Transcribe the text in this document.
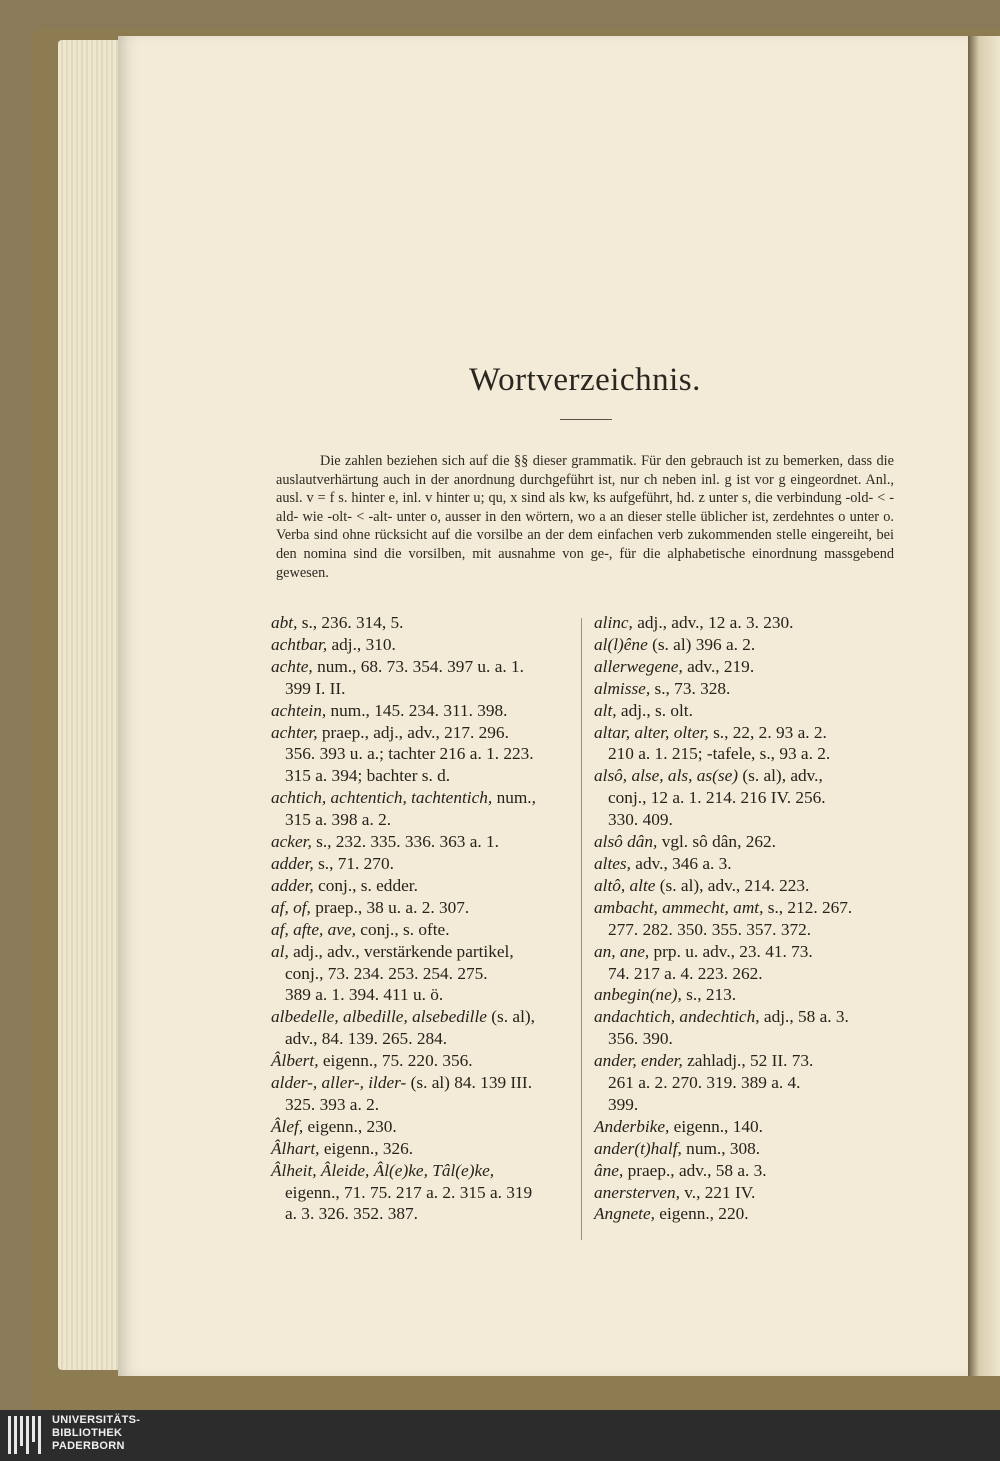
Wortverzeichnis.
Die zahlen beziehen sich auf die §§ dieser grammatik. Für den gebrauch ist zu bemerken, dass die auslautverhärtung auch in der anordnung durchgeführt ist, nur ch neben inl. g ist vor g eingeordnet. Anl., ausl. v = f s. hinter e, inl. v hinter u; qu, x sind als kw, ks aufgeführt, hd. z unter s, die verbindung -old- < -ald- wie -olt- < -alt- unter o, ausser in den wörtern, wo a an dieser stelle üblicher ist, zerdehntes o unter o. Verba sind ohne rücksicht auf die vorsilbe an der dem einfachen verb zukommenden stelle eingereiht, bei den nomina sind die vorsilben, mit ausnahme von ge-, für die alphabetische einordnung massgebend gewesen.
abt, s., 236. 314, 5.
achtbar, adj., 310.
achte, num., 68. 73. 354. 397 u. a. 1.
399 I. II.
achtein, num., 145. 234. 311. 398.
achter, praep., adj., adv., 217. 296.
356. 393 u. a.; tachter 216 a. 1. 223.
315 a. 394; bachter s. d.
achtich, achtentich, tachtentich, num.,
315 a. 398 a. 2.
acker, s., 232. 335. 336. 363 a. 1.
adder, s., 71. 270.
adder, conj., s. edder.
af, of, praep., 38 u. a. 2. 307.
af, afte, ave, conj., s. ofte.
al, adj., adv., verstärkende partikel,
conj., 73. 234. 253. 254. 275.
389 a. 1. 394. 411 u. ö.
albedelle, albedille, alsebedille (s. al),
adv., 84. 139. 265. 284.
Âlbert, eigenn., 75. 220. 356.
alder-, aller-, ilder- (s. al) 84. 139 III.
325. 393 a. 2.
Âlef, eigenn., 230.
Âlhart, eigenn., 326.
Âlheit, Âleide, Âl(e)ke, Tâl(e)ke,
eigenn., 71. 75. 217 a. 2. 315 a. 319
a. 3. 326. 352. 387.
alinc, adj., adv., 12 a. 3. 230.
al(l)êne (s. al) 396 a. 2.
allerwegene, adv., 219.
almisse, s., 73. 328.
alt, adj., s. olt.
altar, alter, olter, s., 22, 2. 93 a. 2.
210 a. 1. 215; -tafele, s., 93 a. 2.
alsô, alse, als, as(se) (s. al), adv.,
conj., 12 a. 1. 214. 216 IV. 256.
330. 409.
alsô dân, vgl. sô dân, 262.
altes, adv., 346 a. 3.
altô, alte (s. al), adv., 214. 223.
ambacht, ammecht, amt, s., 212. 267.
277. 282. 350. 355. 357. 372.
an, ane, prp. u. adv., 23. 41. 73.
74. 217 a. 4. 223. 262.
anbegin(ne), s., 213.
andachtich, andechtich, adj., 58 a. 3.
356. 390.
ander, ender, zahladj., 52 II. 73.
261 a. 2. 270. 319. 389 a. 4.
399.
Anderbike, eigenn., 140.
ander(t)half, num., 308.
âne, praep., adv., 58 a. 3.
anersterven, v., 221 IV.
Angnete, eigenn., 220.
UNIVERSITÄTS-
BIBLIOTHEK
PADERBORN
